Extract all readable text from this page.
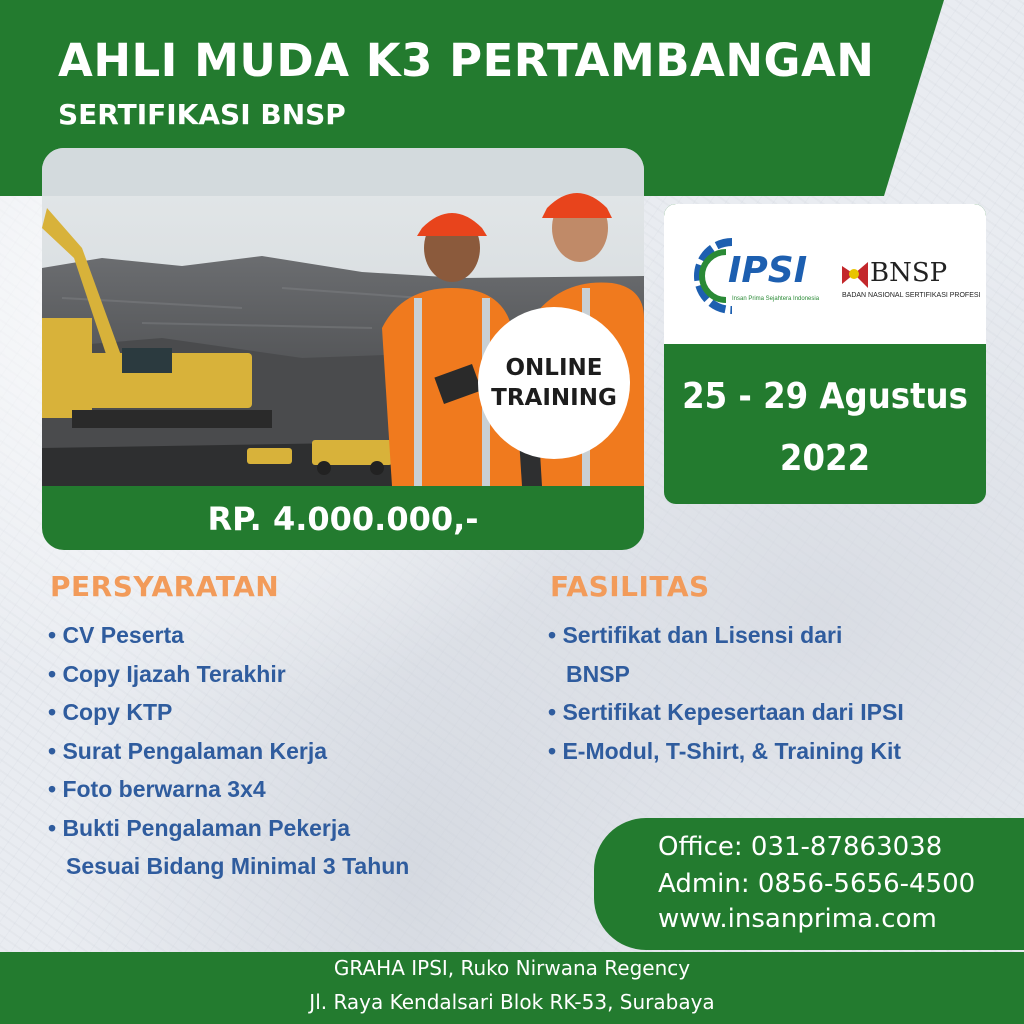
AHLI MUDA K3 PERTAMBANGAN
SERTIFIKASI BNSP
RP. 4.000.000,-
ONLINE
TRAINING
IPSI
Insan Prima Sejahtera Indonesia
BNSP
BADAN NASIONAL SERTIFIKASI PROFESI
25 - 29 Agustus
2022
PERSYARATAN
• CV Peserta
• Copy Ijazah Terakhir
• Copy KTP
• Surat Pengalaman Kerja
• Foto berwarna 3x4
• Bukti Pengalaman Pekerja
Sesuai Bidang Minimal 3 Tahun
FASILITAS
• Sertifikat dan Lisensi dari
BNSP
• Sertifikat Kepesertaan dari IPSI
• E-Modul, T-Shirt, & Training Kit
Office: 031-87863038
Admin: 0856-5656-4500
www.insanprima.com
GRAHA IPSI, Ruko Nirwana Regency
Jl. Raya Kendalsari Blok RK-53, Surabaya
